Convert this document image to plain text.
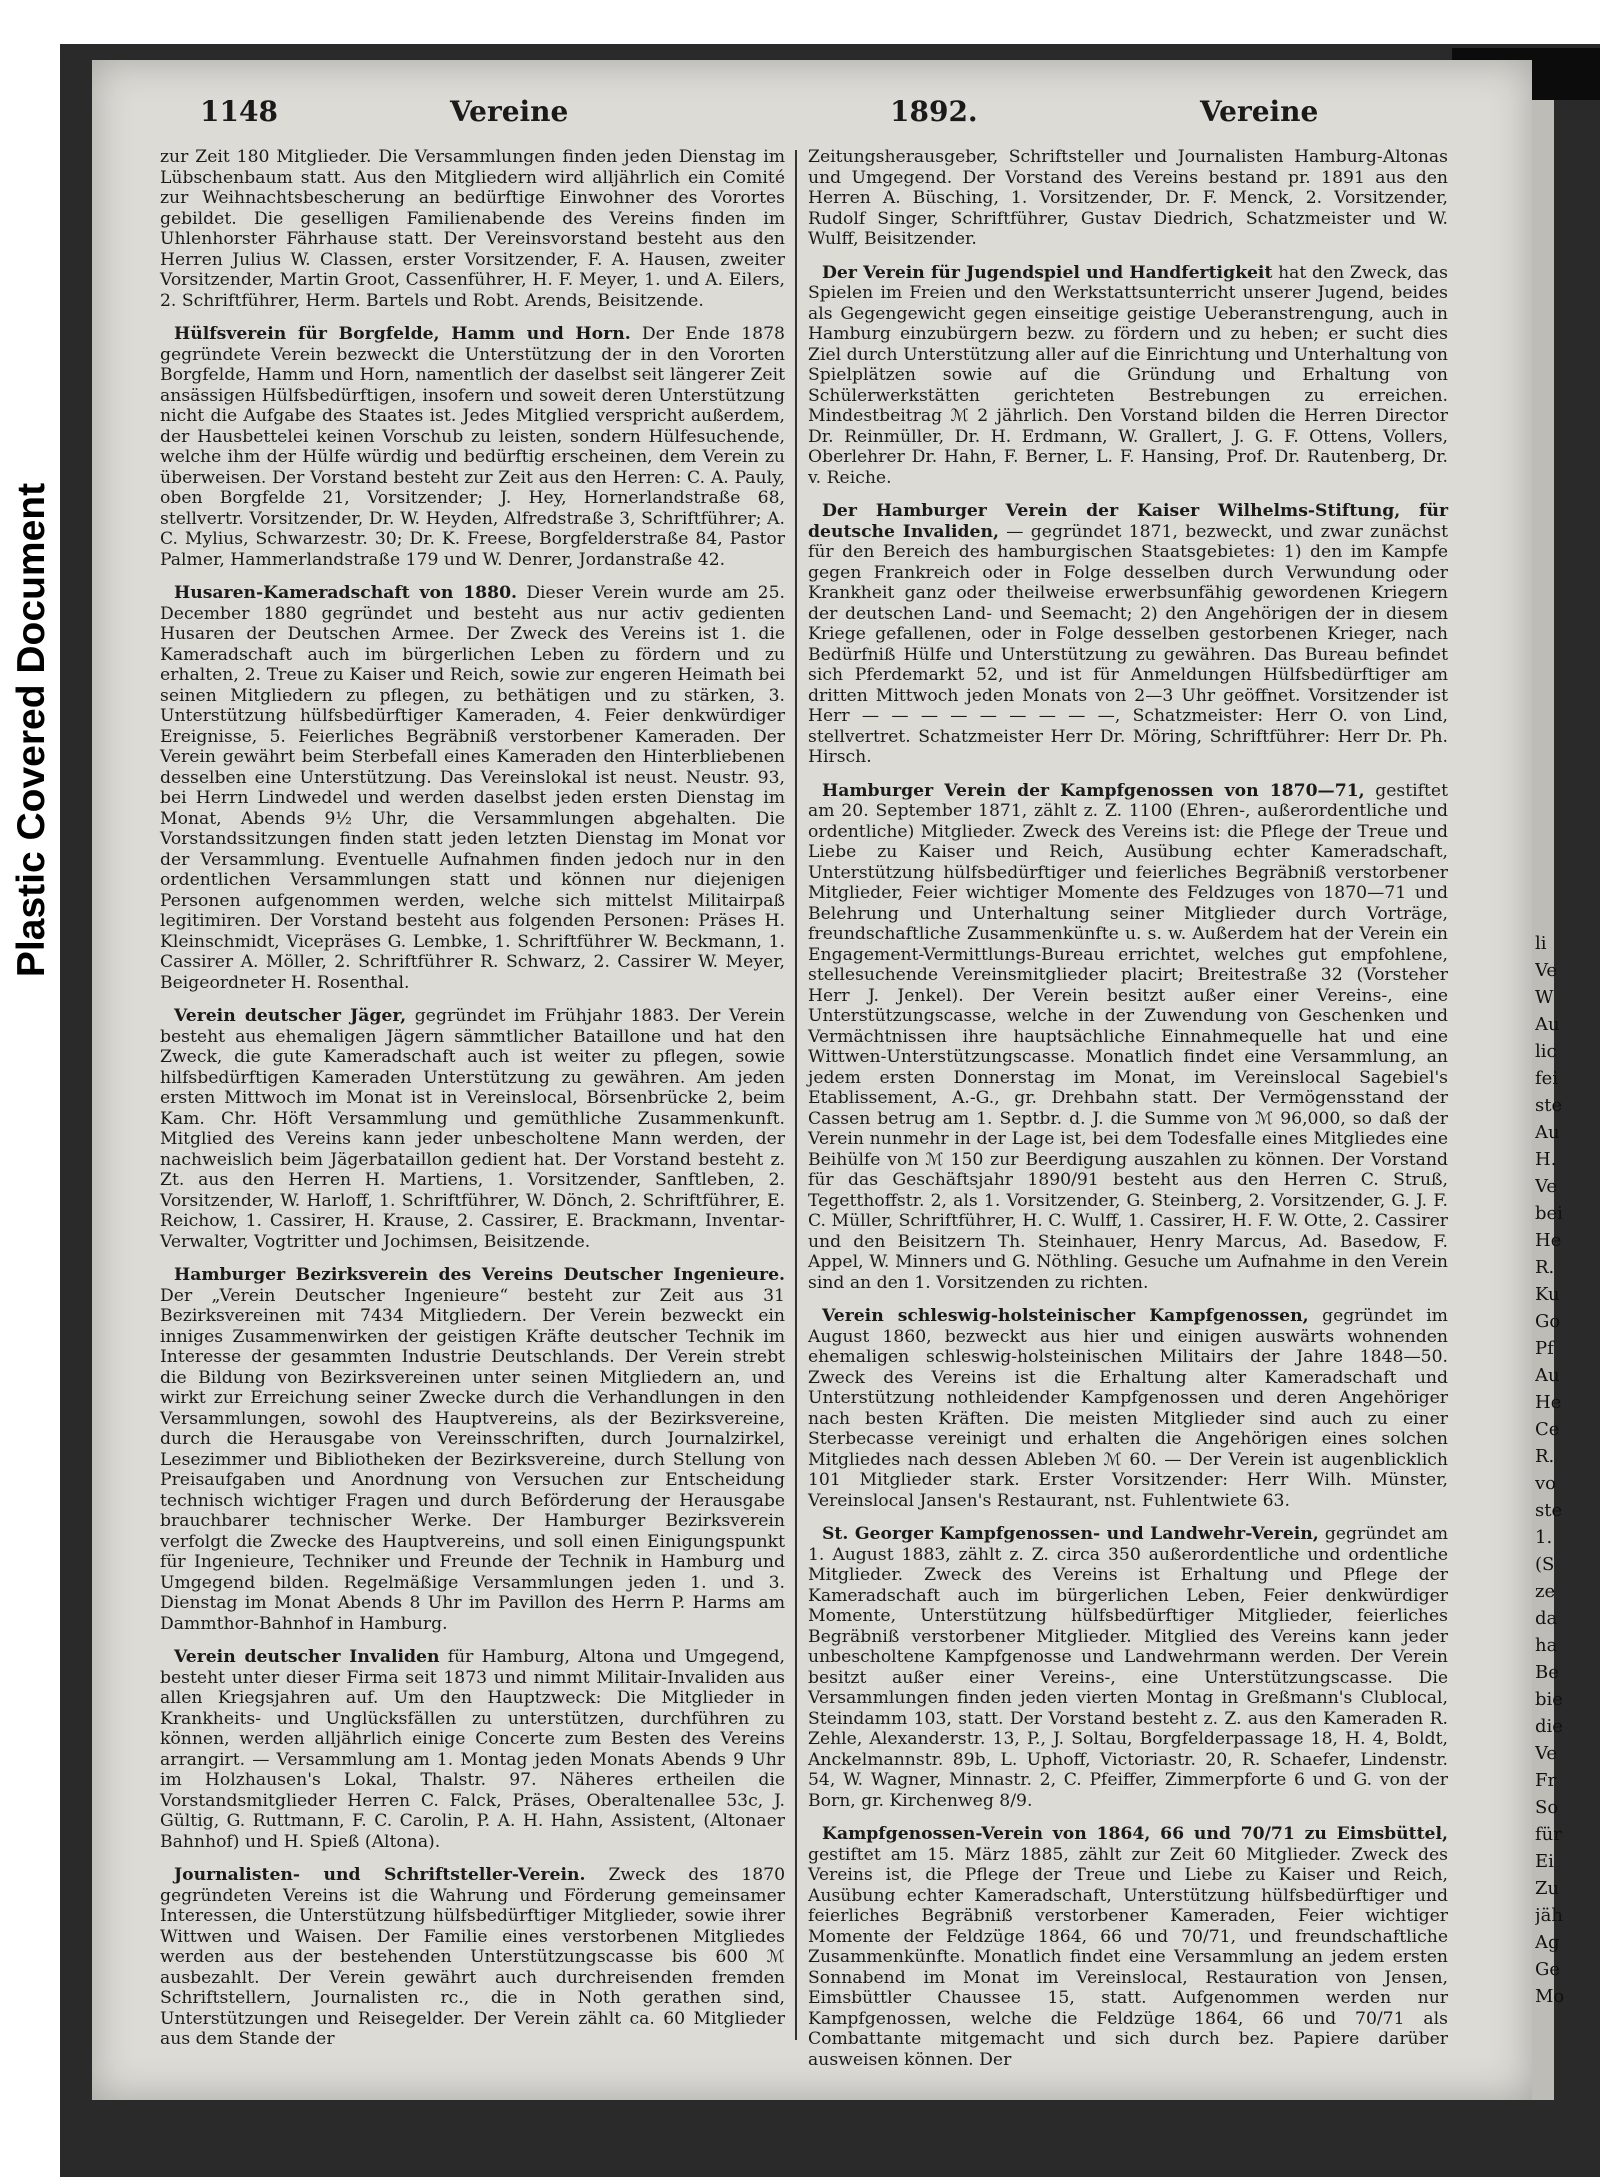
Plastic Covered Document
1148	Vereine	1892.	Vereine

zur Zeit 180 Mitglieder. Die Versammlungen finden jeden Dienstag im Lübschenbaum statt. Aus den Mitgliedern wird alljährlich ein Comité zur Weihnachtsbescherung an bedürftige Einwohner des Vorortes gebildet. Die geselligen Familienabende des Vereins finden im Uhlenhorster Fährhause statt. Der Vereinsvorstand besteht aus den Herren Julius W. Classen, erster Vorsitzender, F. A. Hausen, zweiter Vorsitzender, Martin Groot, Cassenführer, H. F. Meyer, 1. und A. Eilers, 2. Schriftführer, Herm. Bartels und Robt. Arends, Beisitzende.

Hülfsverein für Borgfelde, Hamm und Horn. Der Ende 1878 gegründete Verein bezweckt die Unterstützung der in den Vororten Borgfelde, Hamm und Horn, namentlich der daselbst seit längerer Zeit ansässigen Hülfsbedürftigen, insofern und soweit deren Unterstützung nicht die Aufgabe des Staates ist. Jedes Mitglied verspricht außerdem, der Hausbettelei keinen Vorschub zu leisten, sondern Hülfesuchende, welche ihm der Hülfe würdig und bedürftig erscheinen, dem Verein zu überweisen. Der Vorstand besteht zur Zeit aus den Herren: C. A. Pauly, oben Borgfelde 21, Vorsitzender; J. Hey, Hornerlandstraße 68, stellvertr. Vorsitzender, Dr. W. Heyden, Alfredstraße 3, Schriftführer; A. C. Mylius, Schwarzestr. 30; Dr. K. Freese, Borgfelderstraße 84, Pastor Palmer, Hammerlandstraße 179 und W. Denrer, Jordanstraße 42.

Husaren-Kameradschaft von 1880. Dieser Verein wurde am 25. December 1880 gegründet und besteht aus nur activ gedienten Husaren der Deutschen Armee. Der Zweck des Vereins ist 1. die Kameradschaft auch im bürgerlichen Leben zu fördern und zu erhalten, 2. Treue zu Kaiser und Reich, sowie zur engeren Heimath bei seinen Mitgliedern zu pflegen, zu bethätigen und zu stärken, 3. Unterstützung hülfsbedürftiger Kameraden, 4. Feier denkwürdiger Ereignisse, 5. Feierliches Begräbniß verstorbener Kameraden. Der Verein gewährt beim Sterbefall eines Kameraden den Hinterbliebenen desselben eine Unterstützung. Das Vereinslokal ist neust. Neustr. 93, bei Herrn Lindwedel und werden daselbst jeden ersten Dienstag im Monat, Abends 9½ Uhr, die Versammlungen abgehalten. Die Vorstandssitzungen finden statt jeden letzten Dienstag im Monat vor der Versammlung. Eventuelle Aufnahmen finden jedoch nur in den ordentlichen Versammlungen statt und können nur diejenigen Personen aufgenommen werden, welche sich mittelst Militairpaß legitimiren. Der Vorstand besteht aus folgenden Personen: Präses H. Kleinschmidt, Vicepräses G. Lembke, 1. Schriftführer W. Beckmann, 1. Cassirer A. Möller, 2. Schriftführer R. Schwarz, 2. Cassirer W. Meyer, Beigeordneter H. Rosenthal.

Verein deutscher Jäger, gegründet im Frühjahr 1883. Der Verein besteht aus ehemaligen Jägern sämmtlicher Bataillone und hat den Zweck, die gute Kameradschaft auch ist weiter zu pflegen, sowie hilfsbedürftigen Kameraden Unterstützung zu gewähren. Am jeden ersten Mittwoch im Monat ist in Vereinslocal, Börsenbrücke 2, beim Kam. Chr. Höft Versammlung und gemüthliche Zusammenkunft. Mitglied des Vereins kann jeder unbescholtene Mann werden, der nachweislich beim Jägerbataillon gedient hat. Der Vorstand besteht z. Zt. aus den Herren H. Martiens, 1. Vorsitzender, Sanftleben, 2. Vorsitzender, W. Harloff, 1. Schriftführer, W. Dönch, 2. Schriftführer, E. Reichow, 1. Cassirer, H. Krause, 2. Cassirer, E. Brackmann, Inventar-Verwalter, Vogtritter und Jochimsen, Beisitzende.

Hamburger Bezirksverein des Vereins Deutscher Ingenieure. Der „Verein Deutscher Ingenieure“ besteht zur Zeit aus 31 Bezirksvereinen mit 7434 Mitgliedern. Der Verein bezweckt ein inniges Zusammenwirken der geistigen Kräfte deutscher Technik im Interesse der gesammten Industrie Deutschlands. Der Verein strebt die Bildung von Bezirksvereinen unter seinen Mitgliedern an, und wirkt zur Erreichung seiner Zwecke durch die Verhandlungen in den Versammlungen, sowohl des Hauptvereins, als der Bezirksvereine, durch die Herausgabe von Vereinsschriften, durch Journalzirkel, Lesezimmer und Bibliotheken der Bezirksvereine, durch Stellung von Preisaufgaben und Anordnung von Versuchen zur Entscheidung technisch wichtiger Fragen und durch Beförderung der Herausgabe brauchbarer technischer Werke. Der Hamburger Bezirksverein verfolgt die Zwecke des Hauptvereins, und soll einen Einigungspunkt für Ingenieure, Techniker und Freunde der Technik in Hamburg und Umgegend bilden. Regelmäßige Versammlungen jeden 1. und 3. Dienstag im Monat Abends 8 Uhr im Pavillon des Herrn P. Harms am Dammthor-Bahnhof in Hamburg.

Verein deutscher Invaliden für Hamburg, Altona und Umgegend, besteht unter dieser Firma seit 1873 und nimmt Militair-Invaliden aus allen Kriegsjahren auf. Um den Hauptzweck: Die Mitglieder in Krankheits- und Unglücksfällen zu unterstützen, durchführen zu können, werden alljährlich einige Concerte zum Besten des Vereins arrangirt. — Versammlung am 1. Montag jeden Monats Abends 9 Uhr im Holzhausen's Lokal, Thalstr. 97. Näheres ertheilen die Vorstandsmitglieder Herren C. Falck, Präses, Oberaltenallee 53c, J. Gültig, G. Ruttmann, F. C. Carolin, P. A. H. Hahn, Assistent, (Altonaer Bahnhof) und H. Spieß (Altona).

Journalisten- und Schriftsteller-Verein. Zweck des 1870 gegründeten Vereins ist die Wahrung und Förderung gemeinsamer Interessen, die Unterstützung hülfsbedürftiger Mitglieder, sowie ihrer Wittwen und Waisen. Der Familie eines verstorbenen Mitgliedes werden aus der bestehenden Unterstützungscasse bis 600 ℳ ausbezahlt. Der Verein gewährt auch durchreisenden fremden Schriftstellern, Journalisten rc., die in Noth gerathen sind, Unterstützungen und Reisegelder. Der Verein zählt ca. 60 Mitglieder aus dem Stande der

Zeitungsherausgeber, Schriftsteller und Journalisten Hamburg-Altonas und Umgegend. Der Vorstand des Vereins bestand pr. 1891 aus den Herren A. Büsching, 1. Vorsitzender, Dr. F. Menck, 2. Vorsitzender, Rudolf Singer, Schriftführer, Gustav Diedrich, Schatzmeister und W. Wulff, Beisitzender.

Der Verein für Jugendspiel und Handfertigkeit hat den Zweck, das Spielen im Freien und den Werkstattsunterricht unserer Jugend, beides als Gegengewicht gegen einseitige geistige Ueberanstrengung, auch in Hamburg einzubürgern bezw. zu fördern und zu heben; er sucht dies Ziel durch Unterstützung aller auf die Einrichtung und Unterhaltung von Spielplätzen sowie auf die Gründung und Erhaltung von Schülerwerkstätten gerichteten Bestrebungen zu erreichen. Mindestbeitrag ℳ 2 jährlich. Den Vorstand bilden die Herren Director Dr. Reinmüller, Dr. H. Erdmann, W. Grallert, J. G. F. Ottens, Vollers, Oberlehrer Dr. Hahn, F. Berner, L. F. Hansing, Prof. Dr. Rautenberg, Dr. v. Reiche.

Der Hamburger Verein der Kaiser Wilhelms-Stiftung, für deutsche Invaliden, — gegründet 1871, bezweckt, und zwar zunächst für den Bereich des hamburgischen Staatsgebietes: 1) den im Kampfe gegen Frankreich oder in Folge desselben durch Verwundung oder Krankheit ganz oder theilweise erwerbsunfähig gewordenen Kriegern der deutschen Land- und Seemacht; 2) den Angehörigen der in diesem Kriege gefallenen, oder in Folge desselben gestorbenen Krieger, nach Bedürfniß Hülfe und Unterstützung zu gewähren. Das Bureau befindet sich Pferdemarkt 52, und ist für Anmeldungen Hülfsbedürftiger am dritten Mittwoch jeden Monats von 2—3 Uhr geöffnet. Vorsitzender ist Herr — — — — — — — — —, Schatzmeister: Herr O. von Lind, stellvertret. Schatzmeister Herr Dr. Möring, Schriftführer: Herr Dr. Ph. Hirsch.

Hamburger Verein der Kampfgenossen von 1870—71, gestiftet am 20. September 1871, zählt z. Z. 1100 (Ehren-, außerordentliche und ordentliche) Mitglieder. Zweck des Vereins ist: die Pflege der Treue und Liebe zu Kaiser und Reich, Ausübung echter Kameradschaft, Unterstützung hülfsbedürftiger und feierliches Begräbniß verstorbener Mitglieder, Feier wichtiger Momente des Feldzuges von 1870—71 und Belehrung und Unterhaltung seiner Mitglieder durch Vorträge, freundschaftliche Zusammenkünfte u. s. w. Außerdem hat der Verein ein Engagement-Vermittlungs-Bureau errichtet, welches gut empfohlene, stellesuchende Vereinsmitglieder placirt; Breitestraße 32 (Vorsteher Herr J. Jenkel). Der Verein besitzt außer einer Vereins-, eine Unterstützungscasse, welche in der Zuwendung von Geschenken und Vermächtnissen ihre hauptsächliche Einnahmequelle hat und eine Wittwen-Unterstützungscasse. Monatlich findet eine Versammlung, an jedem ersten Donnerstag im Monat, im Vereinslocal Sagebiel's Etablissement, A.-G., gr. Drehbahn statt. Der Vermögensstand der Cassen betrug am 1. Septbr. d. J. die Summe von ℳ 96,000, so daß der Verein nunmehr in der Lage ist, bei dem Todesfalle eines Mitgliedes eine Beihülfe von ℳ 150 zur Beerdigung auszahlen zu können. Der Vorstand für das Geschäftsjahr 1890/91 besteht aus den Herren C. Struß, Tegetthoffstr. 2, als 1. Vorsitzender, G. Steinberg, 2. Vorsitzender, G. J. F. C. Müller, Schriftführer, H. C. Wulff, 1. Cassirer, H. F. W. Otte, 2. Cassirer und den Beisitzern Th. Steinhauer, Henry Marcus, Ad. Basedow, F. Appel, W. Minners und G. Nöthling. Gesuche um Aufnahme in den Verein sind an den 1. Vorsitzenden zu richten.

Verein schleswig-holsteinischer Kampfgenossen, gegründet im August 1860, bezweckt aus hier und einigen auswärts wohnenden ehemaligen schleswig-holsteinischen Militairs der Jahre 1848—50. Zweck des Vereins ist die Erhaltung alter Kameradschaft und Unterstützung nothleidender Kampfgenossen und deren Angehöriger nach besten Kräften. Die meisten Mitglieder sind auch zu einer Sterbecasse vereinigt und erhalten die Angehörigen eines solchen Mitgliedes nach dessen Ableben ℳ 60. — Der Verein ist augenblicklich 101 Mitglieder stark. Erster Vorsitzender: Herr Wilh. Münster, Vereinslocal Jansen's Restaurant, nst. Fuhlentwiete 63.

St. Georger Kampfgenossen- und Landwehr-Verein, gegründet am 1. August 1883, zählt z. Z. circa 350 außerordentliche und ordentliche Mitglieder. Zweck des Vereins ist Erhaltung und Pflege der Kameradschaft auch im bürgerlichen Leben, Feier denkwürdiger Momente, Unterstützung hülfsbedürftiger Mitglieder, feierliches Begräbniß verstorbener Mitglieder. Mitglied des Vereins kann jeder unbescholtene Kampfgenosse und Landwehrmann werden. Der Verein besitzt außer einer Vereins-, eine Unterstützungscasse. Die Versammlungen finden jeden vierten Montag in Greßmann's Clublocal, Steindamm 103, statt. Der Vorstand besteht z. Z. aus den Kameraden R. Zehle, Alexanderstr. 13, P., J. Soltau, Borgfelderpassage 18, H. 4, Boldt, Anckelmannstr. 89b, L. Uphoff, Victoriastr. 20, R. Schaefer, Lindenstr. 54, W. Wagner, Minnastr. 2, C. Pfeiffer, Zimmerpforte 6 und G. von der Born, gr. Kirchenweg 8/9.

Kampfgenossen-Verein von 1864, 66 und 70/71 zu Eimsbüttel, gestiftet am 15. März 1885, zählt zur Zeit 60 Mitglieder. Zweck des Vereins ist, die Pflege der Treue und Liebe zu Kaiser und Reich, Ausübung echter Kameradschaft, Unterstützung hülfsbedürftiger und feierliches Begräbniß verstorbener Kameraden, Feier wichtiger Momente der Feldzüge 1864, 66 und 70/71, und freundschaftliche Zusammenkünfte. Monatlich findet eine Versammlung an jedem ersten Sonnabend im Monat im Vereinslocal, Restauration von Jensen, Eimsbüttler Chaussee 15, statt. Aufgenommen werden nur Kampfgenossen, welche die Feldzüge 1864, 66 und 70/71 als Combattante mitgemacht und sich durch bez. Papiere darüber ausweisen können. Der

li
Ve
W
Au
lic
fei
ste
Au
H.
Ve
bei
He
R.
Ku
Go
Pf
Au
He
Ce
R.
vo
ste
1.
(S
ze
da
ha
Be
bie
die
Ve
Fr
So
für
Ei
Zu
jäh
Ag
Ge
Mo
